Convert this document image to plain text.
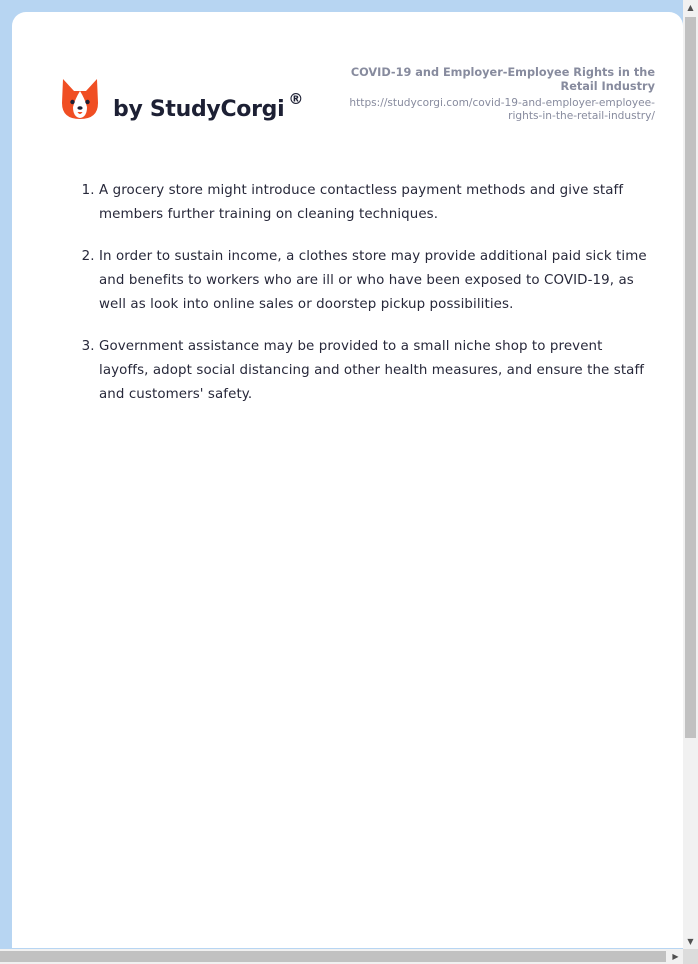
by StudyCorgi ®
COVID-19 and Employer-Employee Rights in the Retail Industry
https://studycorgi.com/covid-19-and-employer-employee-rights-in-the-retail-industry/
1. A grocery store might introduce contactless payment methods and give staff members further training on cleaning techniques.
2. In order to sustain income, a clothes store may provide additional paid sick time and benefits to workers who are ill or who have been exposed to COVID-19, as well as look into online sales or doorstep pickup possibilities.
3. Government assistance may be provided to a small niche shop to prevent layoffs, adopt social distancing and other health measures, and ensure the staff and customers' safety.
▲
▼
▶
